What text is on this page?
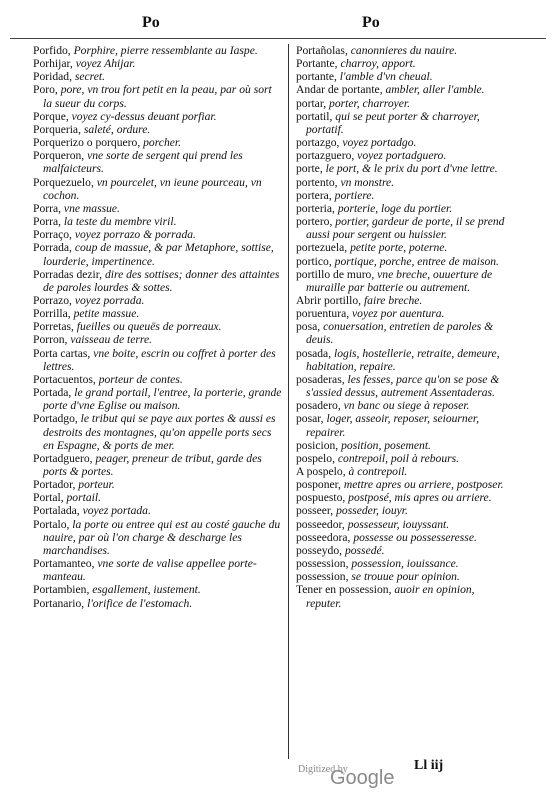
Po	Po

Porfido, Porphire, pierre ressemblante au Iaspe.

Porhijar, voyez Ahijar.

Poridad, secret.

Poro, pore, vn trou fort petit en la peau, par où sort la sueur du corps.

Porque, voyez cy-dessus deuant porfiar.

Porqueria, saleté, ordure.

Porquerizo o porquero, porcher.

Porqueron, vne sorte de sergent qui prend les malfaicteurs.

Porquezuelo, vn pourcelet, vn ieune pourceau, vn cochon.

Porra, vne massue.

Porra, la teste du membre viril.

Porraço, voyez porrazo & porrada.

Porrada, coup de massue, & par Metaphore, sottise, lourderie, impertinence.

Porradas dezir, dire des sottises; donner des attaintes de paroles lourdes & sottes.

Porrazo, voyez porrada.

Porrilla, petite massue.

Porretas, fueilles ou queuës de porreaux.

Porron, vaisseau de terre.

Porta cartas, vne boite, escrin ou coffret à porter des lettres.

Portacuentos, porteur de contes.

Portada, le grand portail, l'entree, la porterie, grande porte d'vne Eglise ou maison.

Portadgo, le tribut qui se paye aux portes & aussi es destroits des montagnes, qu'on appelle ports secs en Espagne, & ports de mer.

Portadguero, peager, preneur de tribut, garde des ports & portes.

Portador, porteur.

Portal, portail.

Portalada, voyez portada.

Portalo, la porte ou entree qui est au costé gauche du nauire, par où l'on charge & descharge les marchandises.

Portamanteo, vne sorte de valise appellee porte-manteau.

Portambien, esgallement, iustement.

Portanario, l'orifice de l'estomach.

Portañolas, canonnieres du nauire.

Portante, charroy, apport.

portante, l'amble d'vn cheual.

Andar de portante, ambler, aller l'amble.

portar, porter, charroyer.

portatil, qui se peut porter & charroyer, portatif.

portazgo, voyez portadgo.

portazguero, voyez portadguero.

porte, le port, & le prix du port d'vne lettre.

portento, vn monstre.

portera, portiere.

porteria, porterie, loge du portier.

portero, portier, gardeur de porte, il se prend aussi pour sergent ou huissier.

portezuela, petite porte, poterne.

portico, portique, porche, entree de maison.

portillo de muro, vne breche, ouuerture de muraille par batterie ou autrement.

Abrir portillo, faire breche.

poruentura, voyez por auentura.

posa, conuersation, entretien de paroles & deuis.

posada, logis, hostellerie, retraite, demeure, habitation, repaire.

posaderas, les fesses, parce qu'on se pose & s'assied dessus, autrement Assentaderas.

posadero, vn banc ou siege à reposer.

posar, loger, asseoir, reposer, seiourner, repairer.

posicion, position, posement.

pospelo, contrepoil, poil à rebours.

A pospelo, à contrepoil.

posponer, mettre apres ou arriere, postposer.

pospuesto, postposé, mis apres ou arriere.

posseer, posseder, iouyr.

posseedor, possesseur, iouyssant.

posseedora, possesse ou possesseresse.

posseydo, possedé.

possession, possession, iouissance.

possession, se trouue pour opinion.

Tener en possession, auoir en opinion, reputer.

Digitized by
Google
Ll iij
